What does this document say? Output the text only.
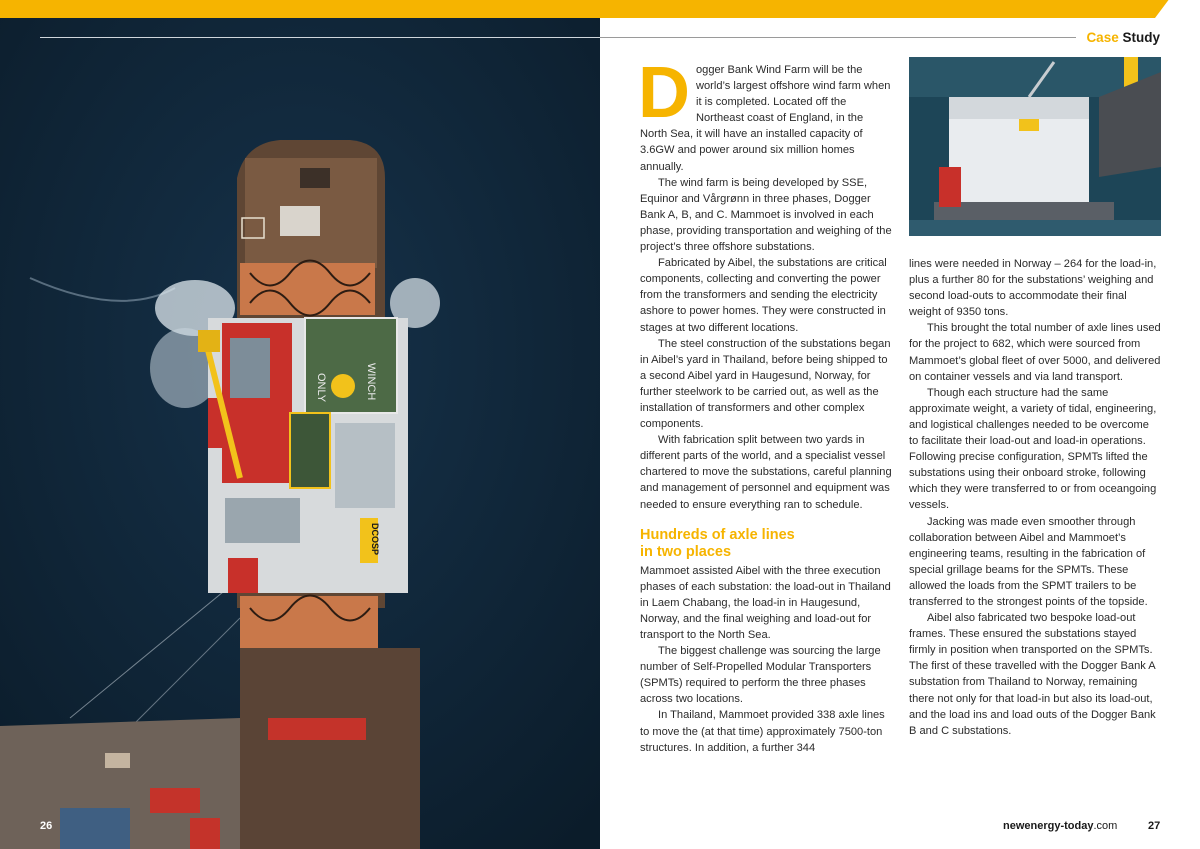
ONLY	WINCH
DCOSP
Case Study

Dogger Bank Wind Farm will be the world’s largest offshore wind farm when it is completed. Located off the Northeast coast of England, in the North Sea, it will have an installed capacity of 3.6GW and power around six million homes annually.

The wind farm is being developed by SSE, Equinor and Vårgrønn in three phases, Dogger Bank A, B, and C. Mammoet is involved in each phase, providing transportation and weighing of the project’s three offshore substations.

Fabricated by Aibel, the substations are critical components, collecting and converting the power from the transformers and sending the electricity ashore to power homes. They were constructed in stages at two different locations.

The steel construction of the substations began in Aibel’s yard in Thailand, before being shipped to a second Aibel yard in Haugesund, Norway, for further steelwork to be carried out, as well as the installation of transformers and other complex components.

With fabrication split between two yards in different parts of the world, and a specialist vessel chartered to move the substations, careful planning and management of personnel and equipment was needed to ensure everything ran to schedule.

Hundreds of axle lines
in two places

Mammoet assisted Aibel with the three execution phases of each substation: the load-out in Thailand in Laem Chabang, the load-in in Haugesund, Norway, and the final weighing and load-out for transport to the North Sea.

The biggest challenge was sourcing the large number of Self-Propelled Modular Transporters (SPMTs) required to perform the three phases across two locations.

In Thailand, Mammoet provided 338 axle lines to move the (at that time) approximately 7500-ton structures. In addition, a further 344

lines were needed in Norway – 264 for the load-in, plus a further 80 for the substations’ weighing and second load-outs to accommodate their final weight of 9350 tons.

This brought the total number of axle lines used for the project to 682, which were sourced from Mammoet’s global fleet of over 5000, and delivered on container vessels and via land transport.

Though each structure had the same approximate weight, a variety of tidal, engineering, and logistical challenges needed to be overcome to facilitate their load-out and load-in operations. Following precise configuration, SPMTs lifted the substations using their onboard stroke, following which they were transferred to or from oceangoing vessels.

Jacking was made even smoother through collaboration between Aibel and Mammoet’s engineering teams, resulting in the fabrication of special grillage beams for the SPMTs. These allowed the loads from the SPMT trailers to be transferred to the strongest points of the topside.

Aibel also fabricated two bespoke load-out frames. These ensured the substations stayed firmly in position when transported on the SPMTs. The first of these travelled with the Dogger Bank A substation from Thailand to Norway, remaining there not only for that load-in but also its load-out, and the load ins and load outs of the Dogger Bank B and C substations.

26	newenergy-today.com	27
